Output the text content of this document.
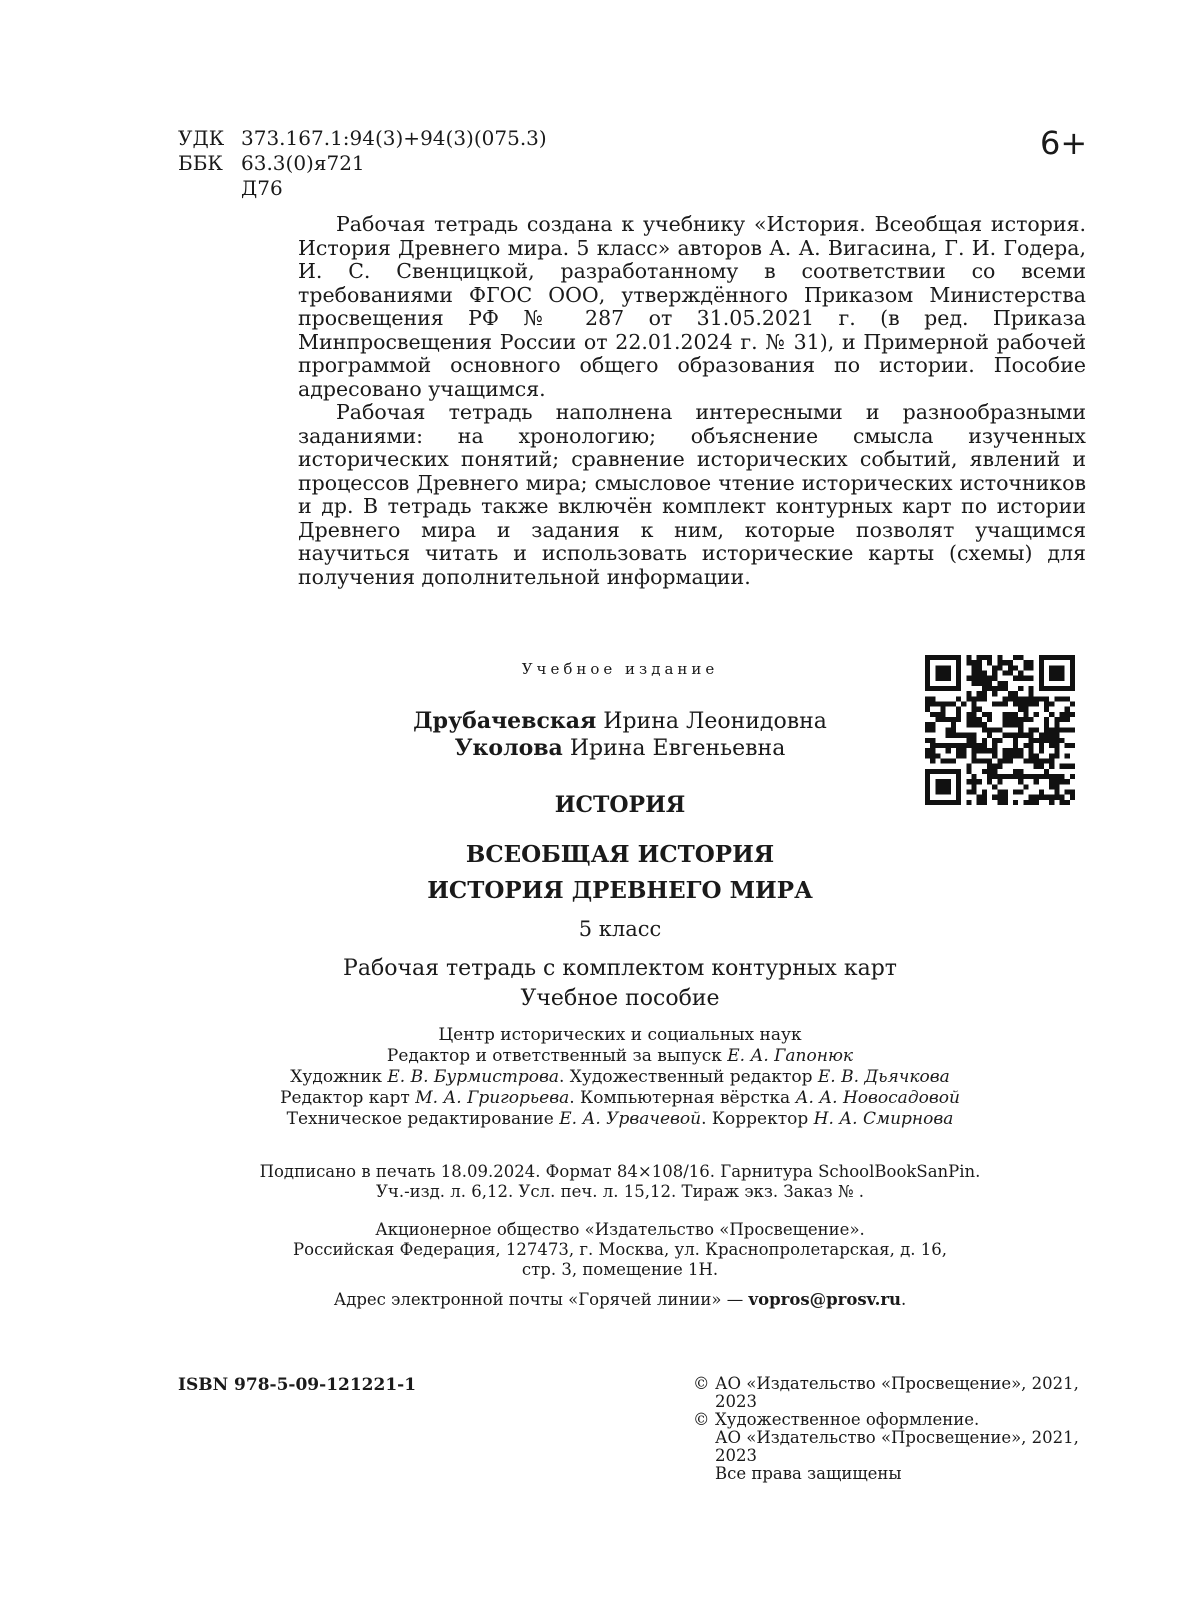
УДК 373.167.1:94(3)+94(3)(075.3)
ББК 63.3(0)я721
Д76
6+

Рабочая тетрадь создана к учебнику «История. Всеобщая история. История Древнего мира. 5 класс» авторов А. А. Вигасина, Г. И. Годера, И. С. Свенцицкой, разработанному в соответствии со всеми требованиями ФГОС ООО, утверждённого Приказом Министерства просвещения РФ № 287 от 31.05.2021 г. (в ред. Приказа Минпросвещения России от 22.01.2024 г. № 31), и Примерной рабочей программой основного общего образования по истории. Пособие адресовано учащимся.

Рабочая тетрадь наполнена интересными и разнообразными заданиями: на хронологию; объяснение смысла изученных исторических понятий; сравнение исторических событий, явлений и процессов Древнего мира; смысловое чтение исторических источников и др. В тетрадь также включён комплект контурных карт по истории Древнего мира и задания к ним, которые позволят учащимся научиться читать и использовать исторические карты (схемы) для получения дополнительной информации.

Учебное издание
Друбачевская Ирина Леонидовна
Уколова Ирина Евгеньевна
ИСТОРИЯ
ВСЕОБЩАЯ ИСТОРИЯ
ИСТОРИЯ ДРЕВНЕГО МИРА
5 класс
Рабочая тетрадь с комплектом контурных карт
Учебное пособие
Центр исторических и социальных наук
Редактор и ответственный за выпуск Е. А. Гапонюк
Художник Е. В. Бурмистрова. Художественный редактор Е. В. Дьячкова
Редактор карт М. А. Григорьева. Компьютерная вёрстка А. А. Новосадовой
Техническое редактирование Е. А. Урвачевой. Корректор Н. А. Смирнова
Подписано в печать 18.09.2024. Формат 84×108/16. Гарнитура SchoolBookSanPin.
Уч.-изд. л. 6,12. Усл. печ. л. 15,12. Тираж экз. Заказ № .
Акционерное общество «Издательство «Просвещение».
Российская Федерация, 127473, г. Москва, ул. Краснопролетарская, д. 16,
стр. 3, помещение 1Н.
Адрес электронной почты «Горячей линии» — vopros@prosv.ru.
ISBN 978-5-09-121221-1	© АО «Издательство «Просвещение», 2021,
2023
© Художественное оформление.
АО «Издательство «Просвещение», 2021,
2023
Все права защищены
